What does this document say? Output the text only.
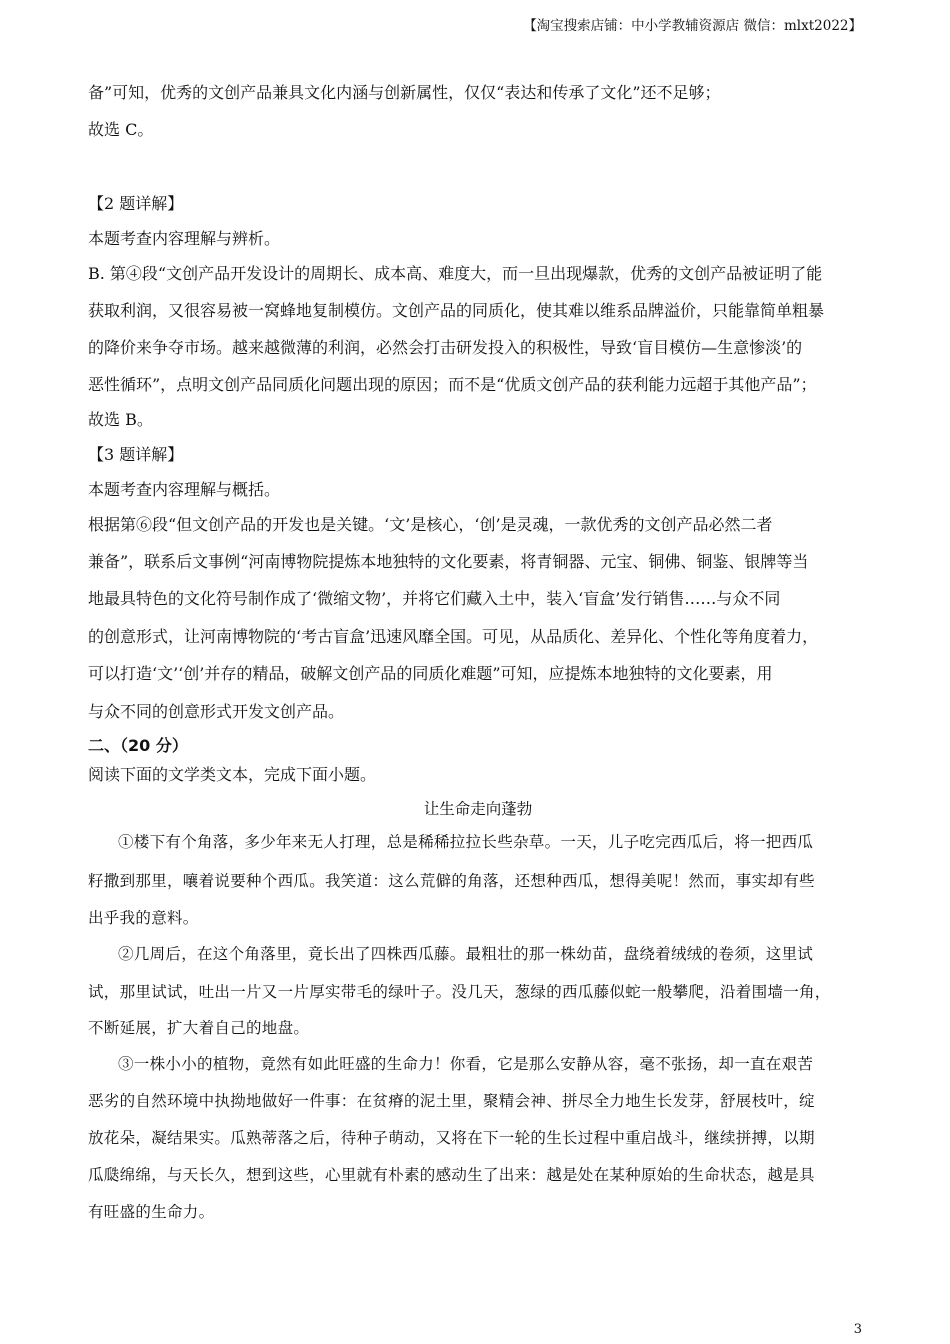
【淘宝搜索店铺：中小学教辅资源店 微信：mlxt2022】
备”可知，优秀的文创产品兼具文化内涵与创新属性，仅仅“表达和传承了文化”还不足够；
故选 C。
【2 题详解】
本题考查内容理解与辨析。
B. 第④段“文创产品开发设计的周期长、成本高、难度大，而一旦出现爆款，优秀的文创产品被证明了能
获取利润，又很容易被一窝蜂地复制模仿。文创产品的同质化，使其难以维系品牌溢价，只能靠简单粗暴
的降价来争夺市场。越来越微薄的利润，必然会打击研发投入的积极性，导致‘盲目模仿—生意惨淡’的
恶性循环”，点明文创产品同质化问题出现的原因；而不是“优质文创产品的获利能力远超于其他产品”；
故选 B。
【3 题详解】
本题考查内容理解与概括。
根据第⑥段“但文创产品的开发也是关键。‘文’是核心，‘创’是灵魂，一款优秀的文创产品必然二者
兼备”，联系后文事例“河南博物院提炼本地独特的文化要素，将青铜器、元宝、铜佛、铜鉴、银牌等当
地最具特色的文化符号制作成了‘微缩文物’，并将它们藏入土中，装入‘盲盒’发行销售……与众不同
的创意形式，让河南博物院的‘考古盲盒’迅速风靡全国。可见，从品质化、差异化、个性化等角度着力，
可以打造‘文’‘创’并存的精品，破解文创产品的同质化难题”可知，应提炼本地独特的文化要素，用
与众不同的创意形式开发文创产品。
二、（20 分）
阅读下面的文学类文本，完成下面小题。
让生命走向蓬勃
①楼下有个角落，多少年来无人打理，总是稀稀拉拉长些杂草。一天，儿子吃完西瓜后，将一把西瓜
籽撒到那里，嚷着说要种个西瓜。我笑道：这么荒僻的角落，还想种西瓜，想得美呢！然而，事实却有些
出乎我的意料。
②几周后，在这个角落里，竟长出了四株西瓜藤。最粗壮的那一株幼苗，盘绕着绒绒的卷须，这里试
试，那里试试，吐出一片又一片厚实带毛的绿叶子。没几天，葱绿的西瓜藤似蛇一般攀爬，沿着围墙一角，
不断延展，扩大着自己的地盘。
③一株小小的植物，竟然有如此旺盛的生命力！你看，它是那么安静从容，毫不张扬，却一直在艰苦
恶劣的自然环境中执拗地做好一件事：在贫瘠的泥土里，聚精会神、拼尽全力地生长发芽，舒展枝叶，绽
放花朵，凝结果实。瓜熟蒂落之后，待种子萌动，又将在下一轮的生长过程中重启战斗，继续拼搏，以期
瓜瓞绵绵，与天长久，想到这些，心里就有朴素的感动生了出来：越是处在某种原始的生命状态，越是具
有旺盛的生命力。
3
